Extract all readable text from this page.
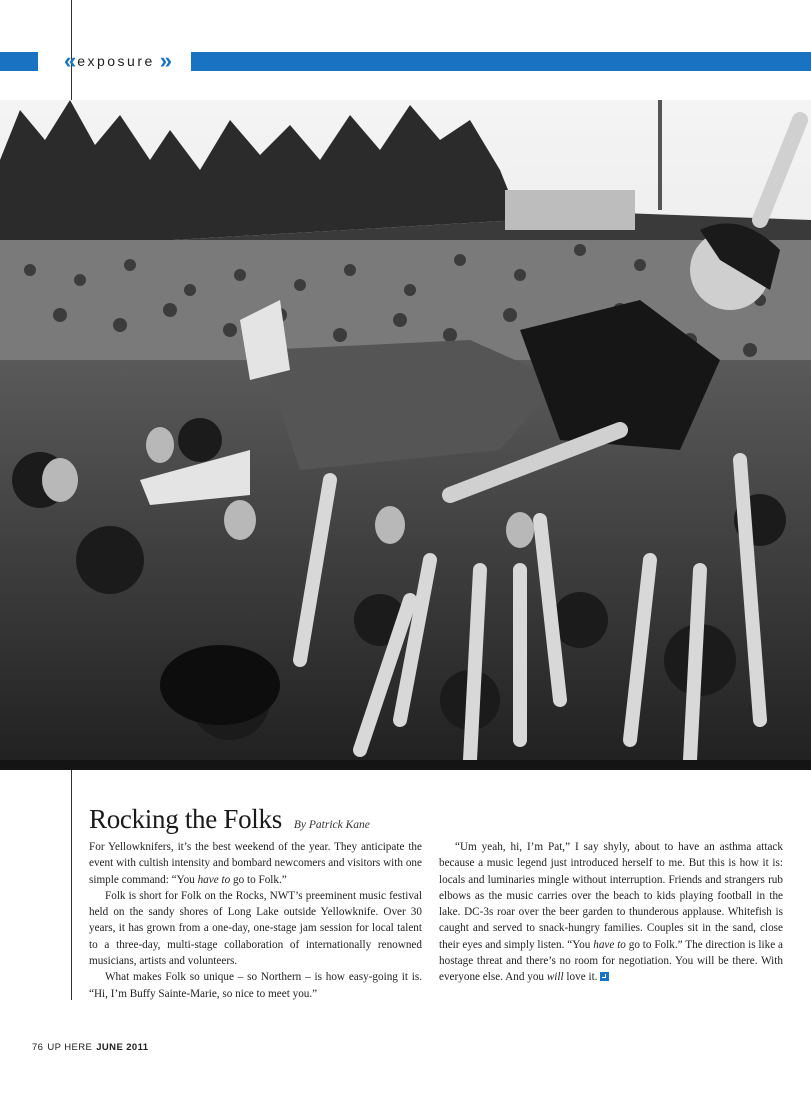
« exposure »
Rocking the Folks By Patrick Kane

For Yellowknifers, it’s the best weekend of the year. They anticipate the event with cultish intensity and bombard newcomers and visitors with one simple command: “You have to go to Folk.”

Folk is short for Folk on the Rocks, NWT’s preeminent music festival held on the sandy shores of Long Lake outside Yellowknife. Over 30 years, it has grown from a one-day, one-stage jam session for local talent to a three-day, multi-stage collaboration of internationally renowned musicians, artists and volunteers.

What makes Folk so unique – so Northern – is how easy-going it is. “Hi, I’m Buffy Sainte-Marie, so nice to meet you.”

“Um yeah, hi, I’m Pat,” I say shyly, about to have an asthma attack because a music legend just introduced herself to me. But this is how it is: locals and luminaries mingle without interruption. Friends and strangers rub elbows as the music carries over the beach to kids playing football in the lake. DC-3s roar over the beer garden to thunderous applause. Whitefish is caught and served to snack-hungry families. Couples sit in the sand, close their eyes and simply listen. “You have to go to Folk.” The direction is like a hostage threat and there’s no room for negotiation. You will be there. With everyone else. And you will love it.

76 UP HERE JUNE 2011
